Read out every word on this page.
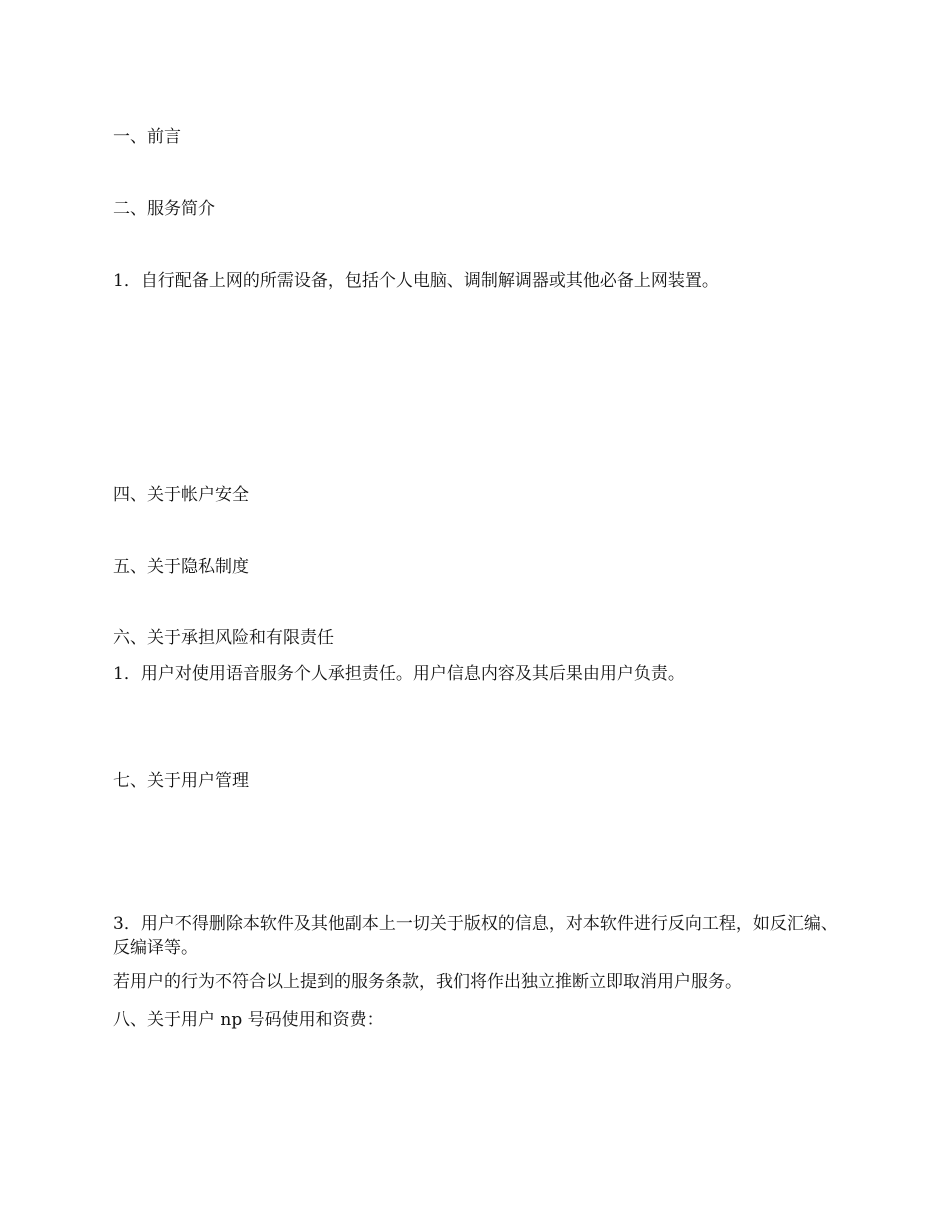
一、前言

二、服务简介

1．自行配备上网的所需设备，包括个人电脑、调制解调器或其他必备上网装置。

四、关于帐户安全

五、关于隐私制度

六、关于承担风险和有限责任

1．用户对使用语音服务个人承担责任。用户信息内容及其后果由用户负责。

七、关于用户管理

3．用户不得删除本软件及其他副本上一切关于版权的信息，对本软件进行反向工程，如反汇编、反编译等。

若用户的行为不符合以上提到的服务条款，我们将作出独立推断立即取消用户服务。

八、关于用户 np 号码使用和资费：
